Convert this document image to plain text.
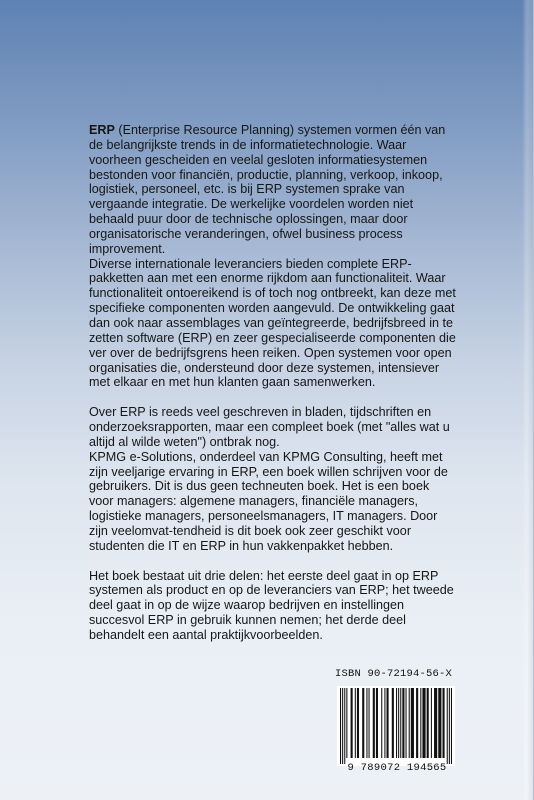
ERP (Enterprise Resource Planning) systemen vormen één van

de belangrijkste trends in de informatietechnologie. Waar

voorheen gescheiden en veelal gesloten informatiesystemen

bestonden voor financiën, productie, planning, verkoop, inkoop,

logistiek, personeel, etc. is bij ERP systemen sprake van

vergaande integratie. De werkelijke voordelen worden niet

behaald puur door de technische oplossingen, maar door

organisatorische veranderingen, ofwel business process

improvement.

Diverse internationale leveranciers bieden complete ERP-

pakketten aan met een enorme rijkdom aan functionaliteit. Waar

functionaliteit ontoereikend is of toch nog ontbreekt, kan deze met

specifieke componenten worden aangevuld. De ontwikkeling gaat

dan ook naar assemblages van geïntegreerde, bedrijfsbreed in te

zetten software (ERP) en zeer gespecialiseerde componenten die

ver over de bedrijfsgrens heen reiken. Open systemen voor open

organisaties die, ondersteund door deze systemen, intensiever

met elkaar en met hun klanten gaan samenwerken.

Over ERP is reeds veel geschreven in bladen, tijdschriften en

onderzoeksrapporten, maar een compleet boek (met "alles wat u

altijd al wilde weten") ontbrak nog.

KPMG e-Solutions, onderdeel van KPMG Consulting, heeft met

zijn veeljarige ervaring in ERP, een boek willen schrijven voor de

gebruikers. Dit is dus geen techneuten boek. Het is een boek

voor managers: algemene managers, financiële managers,

logistieke managers, personeelsmanagers, IT managers. Door

zijn veelomvat-tendheid is dit boek ook zeer geschikt voor

studenten die IT en ERP in hun vakkenpakket hebben.

Het boek bestaat uit drie delen: het eerste deel gaat in op ERP

systemen als product en op de leveranciers van ERP; het tweede

deel gaat in op de wijze waarop bedrijven en instellingen

succesvol ERP in gebruik kunnen nemen; het derde deel

behandelt een aantal praktijkvoorbeelden.

ISBN 90-72194-56-X
9 789072 194565
